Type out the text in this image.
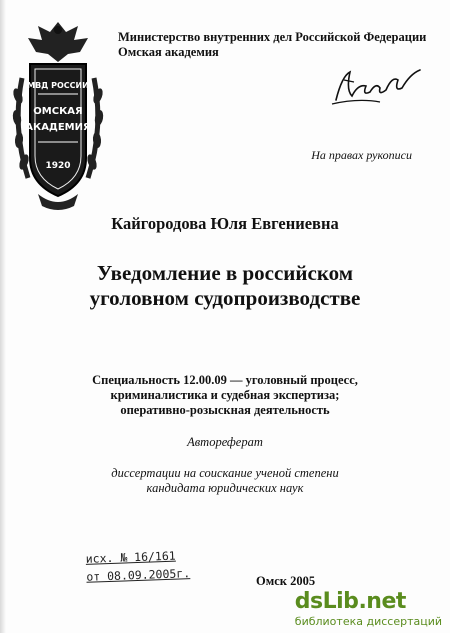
МВД РОССИИ
ОМСКАЯ
АКАДЕМИЯ
1920
Министерство внутренних дел Российской Федерации
Омская академия
На правах рукописи
Кайгородова Юля Евгениевна
Уведомление в российском
уголовном судопроизводстве
Специальность 12.00.09 — уголовный процесс,
криминалистика и судебная экспертиза;
оперативно-розыскная деятельность
Автореферат
диссертации на соискание ученой степени
кандидата юридических наук
исх. № 16/161
от 08.09.2005г.	Омск 2005
dsLib.net
библиотека диссертаций
